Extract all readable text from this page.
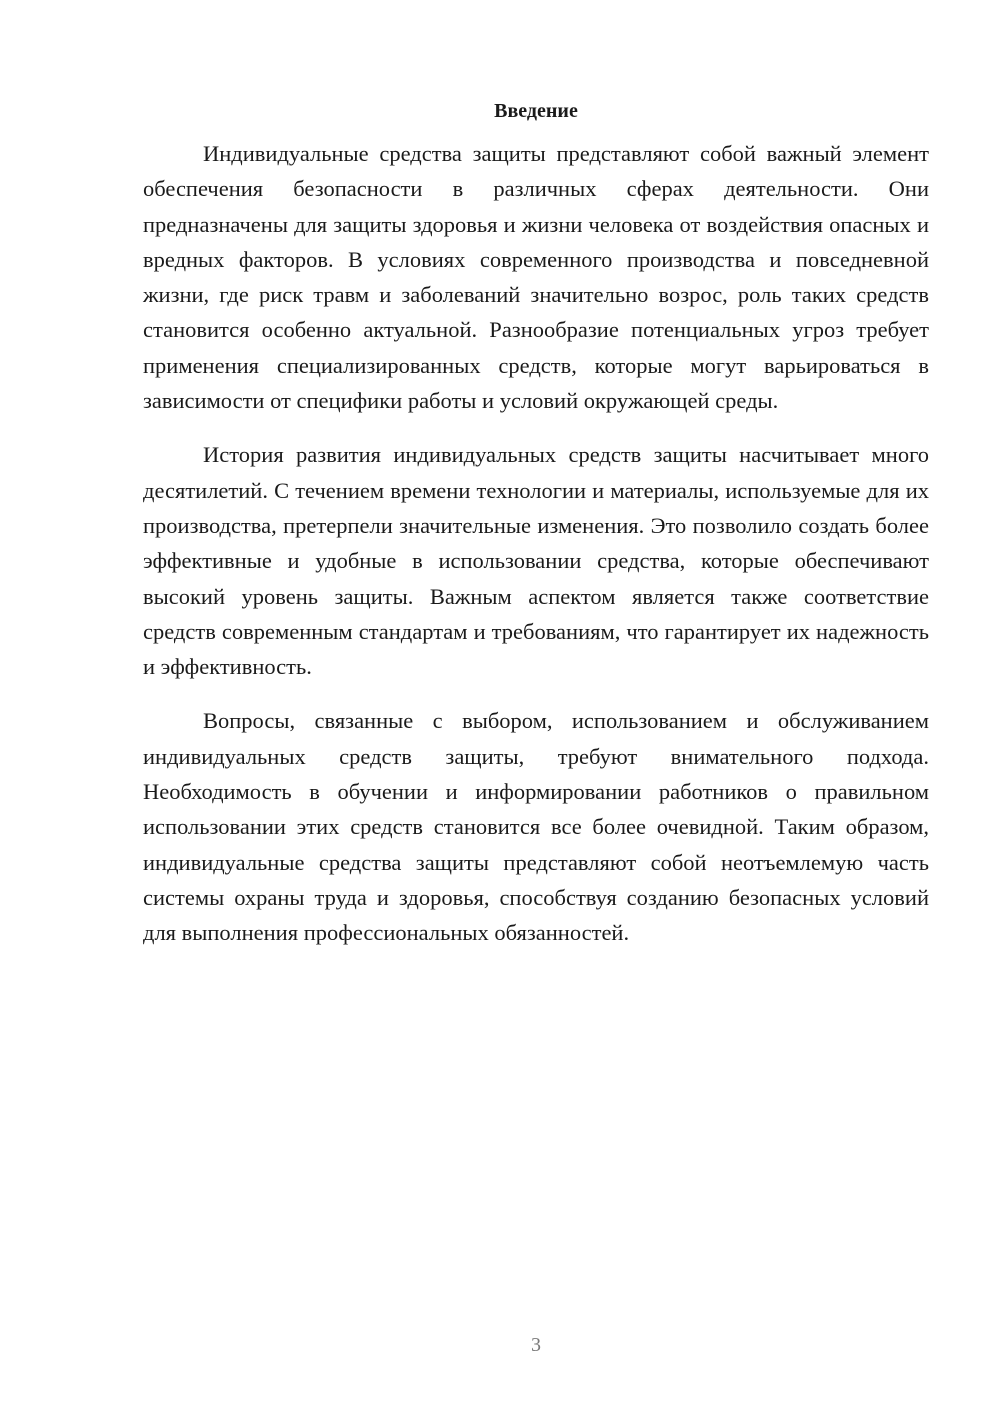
Введение

Индивидуальные средства защиты представляют собой важный элемент обеспечения безопасности в различных сферах деятельности. Они предназначены для защиты здоровья и жизни человека от воздействия опасных и вредных факторов. В условиях современного производства и повседневной жизни, где риск травм и заболеваний значительно возрос, роль таких средств становится особенно актуальной. Разнообразие потенциальных угроз требует применения специализированных средств, которые могут варьироваться в зависимости от специфики работы и условий окружающей среды.

История развития индивидуальных средств защиты насчитывает много десятилетий. С течением времени технологии и материалы, используемые для их производства, претерпели значительные изменения. Это позволило создать более эффективные и удобные в использовании средства, которые обеспечивают высокий уровень защиты. Важным аспектом является также соответствие средств современным стандартам и требованиям, что гарантирует их надежность и эффективность.

Вопросы, связанные с выбором, использованием и обслуживанием индивидуальных средств защиты, требуют внимательного подхода. Необходимость в обучении и информировании работников о правильном использовании этих средств становится все более очевидной. Таким образом, индивидуальные средства защиты представляют собой неотъемлемую часть системы охраны труда и здоровья, способствуя созданию безопасных условий для выполнения профессиональных обязанностей.

3
